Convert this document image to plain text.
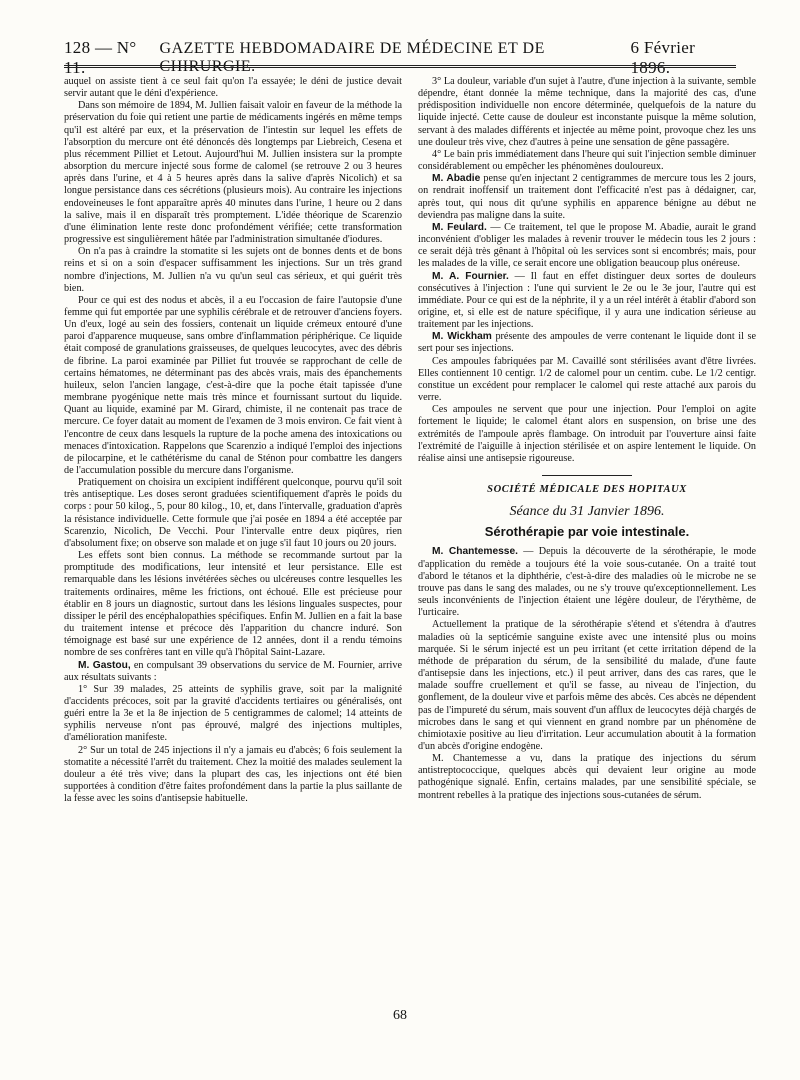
128 — N° 11.
GAZETTE HEBDOMADAIRE DE MÉDECINE ET DE CHIRURGIE.
6 Février 1896.

auquel on assiste tient à ce seul fait qu'on l'a essayée; le déni de justice devait servir autant que le déni d'expérience.

Dans son mémoire de 1894, M. Jullien faisait valoir en faveur de la méthode la préservation du foie qui retient une partie de médicaments ingérés en même temps qu'il est altéré par eux, et la préservation de l'intestin sur lequel les effets de l'absorption du mercure ont été dénoncés dès longtemps par Liebreich, Cesena et plus récemment Pilliet et Letout. Aujourd'hui M. Jullien insistera sur la prompte absorption du mercure injecté sous forme de calomel (se retrouve 2 ou 3 heures après dans l'urine, et 4 à 5 heures après dans la salive d'après Nicolich) et sa longue persistance dans ces sécrétions (plusieurs mois). Au contraire les injections endoveineuses le font apparaître après 40 minutes dans l'urine, 1 heure ou 2 dans la salive, mais il en disparaît très promptement. L'idée théorique de Scarenzio d'une élimination lente reste donc profondément vérifiée; cette transformation progressive est singulièrement hâtée par l'administration simultanée d'iodures.

On n'a pas à craindre la stomatite si les sujets ont de bonnes dents et de bons reins et si on a soin d'espacer suffisamment les injections. Sur un très grand nombre d'injections, M. Jullien n'a vu qu'un seul cas sérieux, et qui guérit très bien.

Pour ce qui est des nodus et abcès, il a eu l'occasion de faire l'autopsie d'une femme qui fut emportée par une syphilis cérébrale et de retrouver d'anciens foyers. Un d'eux, logé au sein des fossiers, contenait un liquide crémeux entouré d'une paroi d'apparence muqueuse, sans ombre d'inflammation périphérique. Ce liquide était composé de granulations graisseuses, de quelques leucocytes, avec des débris de fibrine. La paroi examinée par Pilliet fut trouvée se rapprochant de celle de certains hématomes, ne déterminant pas des abcès vrais, mais des épanchements huileux, selon l'ancien langage, c'est-à-dire que la poche était tapissée d'une membrane pyogénique nette mais très mince et fournissant surtout du liquide. Quant au liquide, examiné par M. Girard, chimiste, il ne contenait pas trace de mercure. Ce foyer datait au moment de l'examen de 3 mois environ. Ce fait vient à l'encontre de ceux dans lesquels la rupture de la poche amena des intoxications ou menaces d'intoxication. Rappelons que Scarenzio a indiqué l'emploi des injections de pilocarpine, et le cathétérisme du canal de Sténon pour combattre les dangers de l'accumulation possible du mercure dans l'organisme.

Pratiquement on choisira un excipient indifférent quelconque, pourvu qu'il soit très antiseptique. Les doses seront graduées scientifiquement d'après le poids du corps : pour 50 kilog., 5, pour 80 kilog., 10, et, dans l'intervalle, graduation d'après la résistance individuelle. Cette formule que j'ai posée en 1894 a été acceptée par Scarenzio, Nicolich, De Vecchi. Pour l'intervalle entre deux piqûres, rien d'absolument fixe; on observe son malade et on juge s'il faut 10 jours ou 20 jours.

Les effets sont bien connus. La méthode se recommande surtout par la promptitude des modifications, leur intensité et leur persistance. Elle est remarquable dans les lésions invétérées sèches ou ulcéreuses contre lesquelles les traitements ordinaires, même les frictions, ont échoué. Elle est précieuse pour établir en 8 jours un diagnostic, surtout dans les lésions linguales suspectes, pour dissiper le péril des encéphalopathies spécifiques. Enfin M. Jullien en a fait la base du traitement intense et précoce dès l'apparition du chancre induré. Son témoignage est basé sur une expérience de 12 années, dont il a rendu témoins nombre de ses confrères tant en ville qu'à l'hôpital Saint-Lazare.

M. Gastou, en compulsant 39 observations du service de M. Fournier, arrive aux résultats suivants :

1° Sur 39 malades, 25 atteints de syphilis grave, soit par la malignité d'accidents précoces, soit par la gravité d'accidents tertiaires ou généralisés, ont guéri entre la 3e et la 8e injection de 5 centigrammes de calomel; 14 atteints de syphilis nerveuse n'ont pas éprouvé, malgré des injections multiples, d'amélioration manifeste.

2° Sur un total de 245 injections il n'y a jamais eu d'abcès; 6 fois seulement la stomatite a nécessité l'arrêt du traitement. Chez la moitié des malades seulement la douleur a été très vive; dans la plupart des cas, les injections ont été bien supportées à condition d'être faites profondément dans la partie la plus saillante de la fesse avec les soins d'antisepsie habituelle.

3° La douleur, variable d'un sujet à l'autre, d'une injection à la suivante, semble dépendre, étant donnée la même technique, dans la majorité des cas, d'une prédisposition individuelle non encore déterminée, quelquefois de la nature du liquide injecté. Cette cause de douleur est inconstante puisque la même solution, servant à des malades différents et injectée au même point, provoque chez les uns une douleur très vive, chez d'autres à peine une sensation de gêne passagère.

4° Le bain pris immédiatement dans l'heure qui suit l'injection semble diminuer considérablement ou empêcher les phénomènes douloureux.

M. Abadie pense qu'en injectant 2 centigrammes de mercure tous les 2 jours, on rendrait inoffensif un traitement dont l'efficacité n'est pas à dédaigner, car, après tout, qui nous dit qu'une syphilis en apparence bénigne au début ne deviendra pas maligne dans la suite.

M. Feulard. — Ce traitement, tel que le propose M. Abadie, aurait le grand inconvénient d'obliger les malades à revenir trouver le médecin tous les 2 jours : ce serait déjà très gênant à l'hôpital où les services sont si encombrés; mais, pour les malades de la ville, ce serait encore une obligation beaucoup plus onéreuse.

M. A. Fournier. — Il faut en effet distinguer deux sortes de douleurs consécutives à l'injection : l'une qui survient le 2e ou le 3e jour, l'autre qui est immédiate. Pour ce qui est de la néphrite, il y a un réel intérêt à établir d'abord son origine, et, si elle est de nature spécifique, il y aura une indication sérieuse au traitement par les injections.

M. Wickham présente des ampoules de verre contenant le liquide dont il se sert pour ses injections.

Ces ampoules fabriquées par M. Cavaillé sont stérilisées avant d'être livrées. Elles contiennent 10 centigr. 1/2 de calomel pour un centim. cube. Le 1/2 centigr. constitue un excédent pour remplacer le calomel qui reste attaché aux parois du verre.

Ces ampoules ne servent que pour une injection. Pour l'emploi on agite fortement le liquide; le calomel étant alors en suspension, on brise une des extrémités de l'ampoule après flambage. On introduit par l'ouverture ainsi faite l'extrémité de l'aiguille à injection stérilisée et on aspire lentement le liquide. On réalise ainsi une antisepsie rigoureuse.

SOCIÉTÉ MÉDICALE DES HOPITAUX
Séance du 31 Janvier 1896.
Sérothérapie par voie intestinale.

M. Chantemesse. — Depuis la découverte de la sérothérapie, le mode d'application du remède a toujours été la voie sous-cutanée. On a traité tout d'abord le tétanos et la diphthérie, c'est-à-dire des maladies où le microbe ne se trouve pas dans le sang des malades, ou ne s'y trouve qu'exceptionnellement. Les seuls inconvénients de l'injection étaient une légère douleur, de l'érythème, de l'urticaire.

Actuellement la pratique de la sérothérapie s'étend et s'étendra à d'autres maladies où la septicémie sanguine existe avec une intensité plus ou moins marquée. Si le sérum injecté est un peu irritant (et cette irritation dépend de la méthode de préparation du sérum, de la sensibilité du malade, d'une faute d'antisepsie dans les injections, etc.) il peut arriver, dans des cas rares, que le malade souffre cruellement et qu'il se fasse, au niveau de l'injection, du gonflement, de la douleur vive et parfois même des abcès. Ces abcès ne dépendent pas de l'impureté du sérum, mais souvent d'un afflux de leucocytes déjà chargés de microbes dans le sang et qui viennent en grand nombre par un phénomène de chimiotaxie positive au lieu d'irritation. Leur accumulation aboutit à la formation d'un abcès d'origine endogène.

M. Chantemesse a vu, dans la pratique des injections du sérum antistreptococcique, quelques abcès qui devaient leur origine au mode pathogénique signalé. Enfin, certains malades, par une sensibilité spéciale, se montrent rebelles à la pratique des injections sous-cutanées de sérum.

68
